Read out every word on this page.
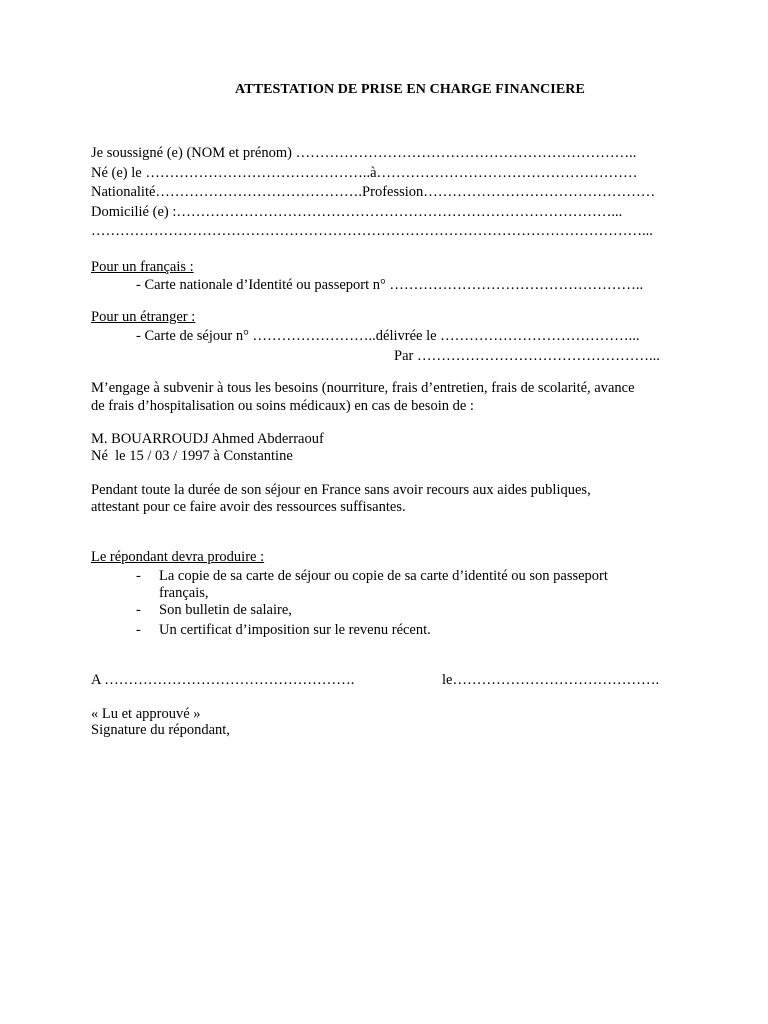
ATTESTATION DE PRISE EN CHARGE FINANCIERE
Je soussigné (e) (NOM et prénom) ……………………………………………………………..
Né (e) le ………………………………………..à………………………………………………
Nationalité…………………………………….Profession…………………………………………
Domicilié (e) :………………………………………………………………………………...
……………………………………………………………………………………………………...
Pour un français :
- Carte nationale d’Identité ou passeport n° ……………………………………………..
Pour un étranger :
- Carte de séjour n° ……………………..délivrée le …………………………………...
Par …………………………………………...
M’engage à subvenir à tous les besoins (nourriture, frais d’entretien, frais de scolarité, avance
de frais d’hospitalisation ou soins médicaux) en cas de besoin de :
M. BOUARROUDJ Ahmed Abderraouf
Né  le 15 / 03 / 1997 à Constantine
Pendant toute la durée de son séjour en France sans avoir recours aux aides publiques,
attestant pour ce faire avoir des ressources suffisantes.
Le répondant devra produire :
- La copie de sa carte de séjour ou copie de sa carte d’identité ou son passeport
français,
- Son bulletin de salaire,
- Un certificat d’imposition sur le revenu récent.
A …………………………………………….	le…………………………………….
« Lu et approuvé »
Signature du répondant,
